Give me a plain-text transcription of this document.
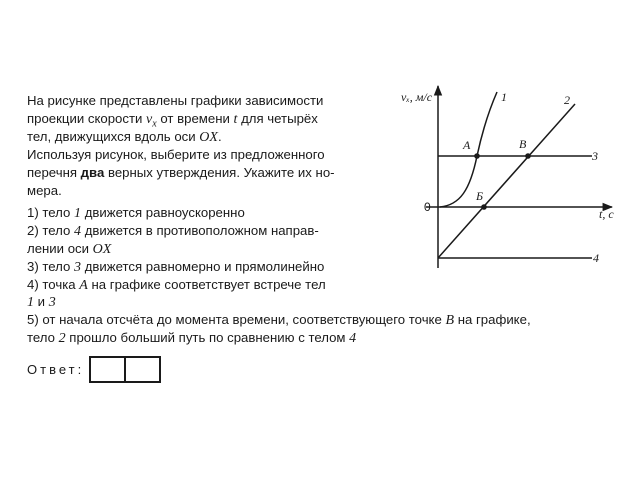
На рисунке представлены графики зависимости
проекции скорости $v_x$ от времени t для четырёх
тел, движущихся вдоль оси OX.
Используя рисунок, выберите из предложенного
перечня два верных утверждения. Укажите их но-
мера.
1) тело 1 движется равноускоренно
2) тело 4 движется в противоположном направ-
лении оси OX
3) тело 3 движется равномерно и прямолинейно
4) точка A на графике соответствует встрече тел
1 и 3
5) от начала отсчёта до момента времени, соответствующего точке B на графике,
тело 2 прошло больший путь по сравнению с телом 4
Ответ:
vₓ, м/с
t, с
0
1	2
3
4
A	B
Б
